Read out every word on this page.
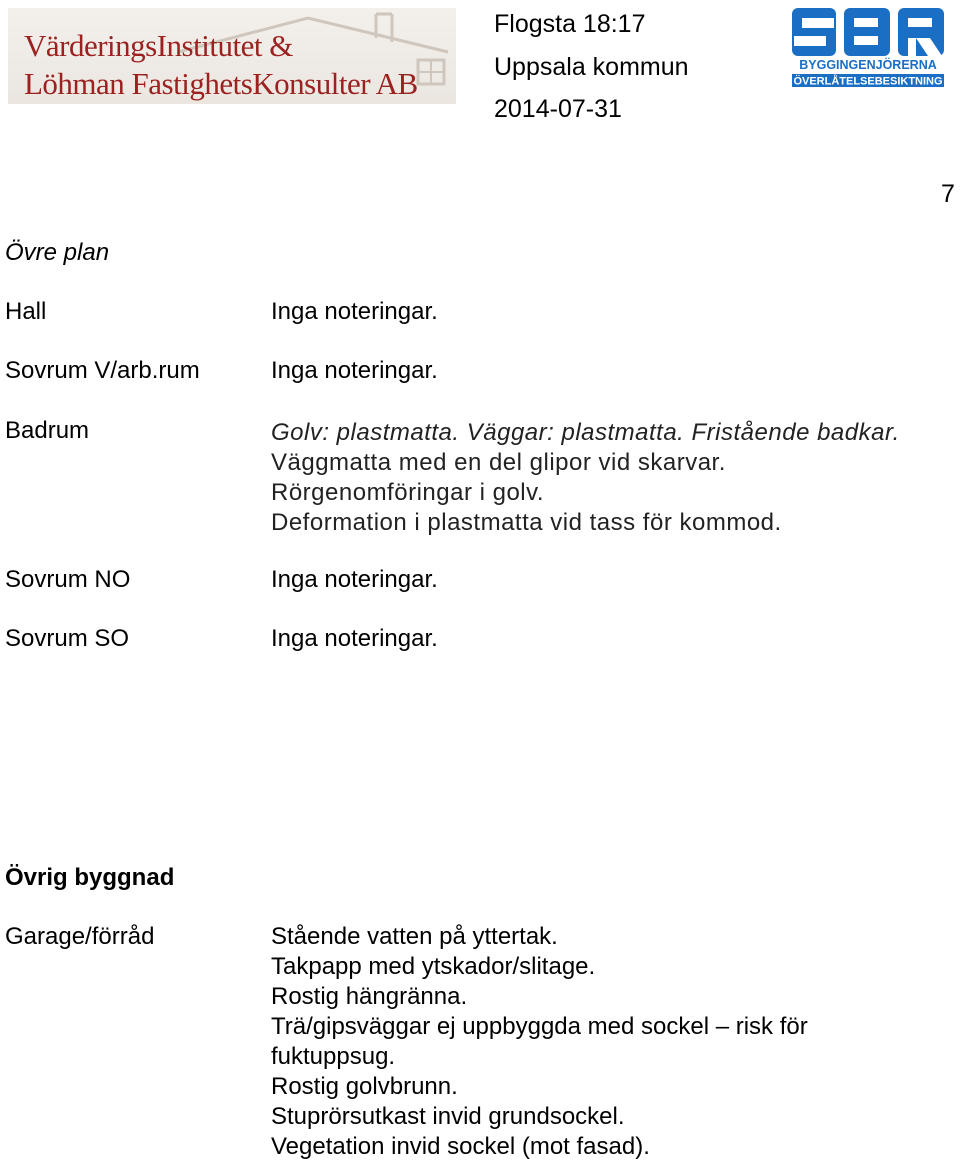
VärderingsInstitutet &
Löhman FastighetsKonsulter AB
Flogsta 18:17
Uppsala kommun
2014-07-31
BYGGINGENJÖRERNA
ÖVERLÅTELSEBESIKTNING
7
Övre plan
Hall	Inga noteringar.
Sovrum V/arb.rum	Inga noteringar.
Badrum	Golv: plastmatta. Väggar: plastmatta. Fristående badkar.
Väggmatta med en del glipor vid skarvar.
Rörgenomföringar i golv.
Deformation i plastmatta vid tass för kommod.
Sovrum NO	Inga noteringar.
Sovrum SO	Inga noteringar.
Övrig byggnad
Garage/förråd	Stående vatten på yttertak.
Takpapp med ytskador/slitage.
Rostig hängränna.
Trä/gipsväggar ej uppbyggda med sockel – risk för
fuktuppsug.
Rostig golvbrunn.
Stuprörsutkast invid grundsockel.
Vegetation invid sockel (mot fasad).
